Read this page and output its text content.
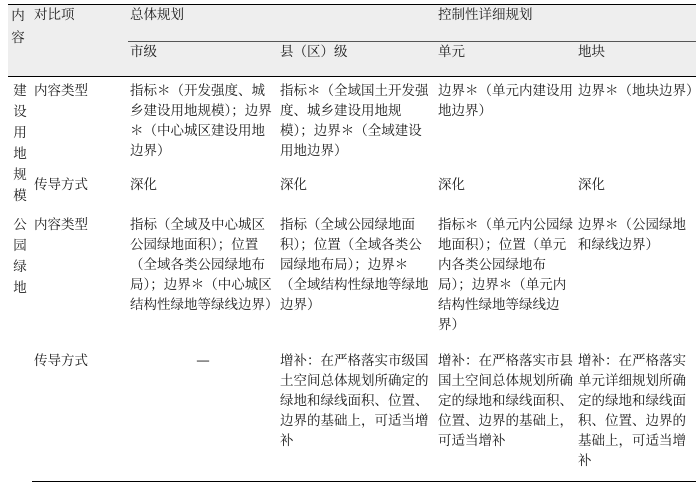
内容	对比项	总体规划		控制性详细规划	
		市级	县（区）级	单元	地块
建设用地规模	内容类型	指标＊（开发强度、城乡建设用地规模）；边界＊（中心城区建设用地边界）	指标＊（全域国土开发强度、城乡建设用地规模）；边界＊（全域建设用地边界）	边界＊（单元内建设用地边界）	边界＊（地块边界）
	传导方式	深化	深化	深化	深化
公园绿地	内容类型	指标（全域及中心城区公园绿地面积）；位置（全域各类公园绿地布局）；边界＊（中心城区结构性绿地等绿线边界）	指标（全域公园绿地面积）；位置（全域各类公园绿地布局）；边界＊（全域结构性绿地等绿地边界）	指标＊（单元内公园绿地面积）；位置（单元内各类公园绿地布局）；边界＊（单元内结构性绿地等绿线边界）	边界＊（公园绿地和绿线边界）
	传导方式	—	增补：在严格落实市级国土空间总体规划所确定的绿地和绿线面积、位置、边界的基础上，可适当增补	增补：在严格落实市县国土空间总体规划所确定的绿地和绿线面积、位置、边界的基础上，可适当增补	增补：在严格落实单元详细规划所确定的绿地和绿线面积、位置、边界的基础上，可适当增补
